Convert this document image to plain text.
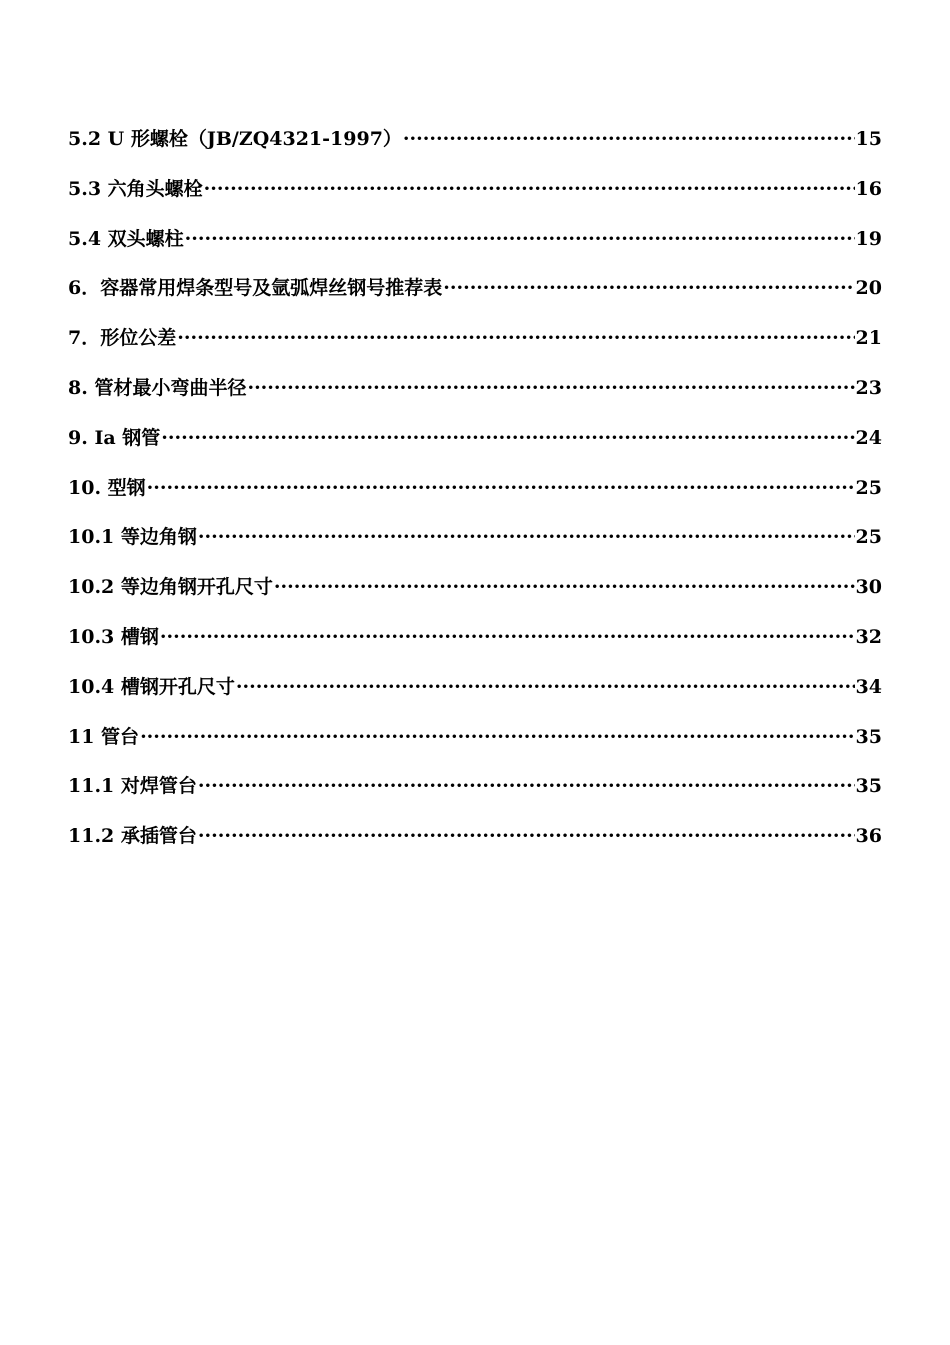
5.2 U 形螺栓（JB/ZQ4321-1997） ·····	15
5.3 六角头螺栓 ·····	16
5.4 双头螺柱 ·····	19
6．容器常用焊条型号及氩弧焊丝钢号推荐表 ·····	20
7．形位公差 ·····	21
8. 管材最小弯曲半径 ·····	23
9. Ia 钢管 ·····	24
10. 型钢 ·····	25
10.1 等边角钢 ·····	25
10.2 等边角钢开孔尺寸 ·····	30
10.3 槽钢 ·····	32
10.4 槽钢开孔尺寸 ·····	34
11 管台 ·····	35
11.1 对焊管台 ·····	35
11.2 承插管台 ·····	36
